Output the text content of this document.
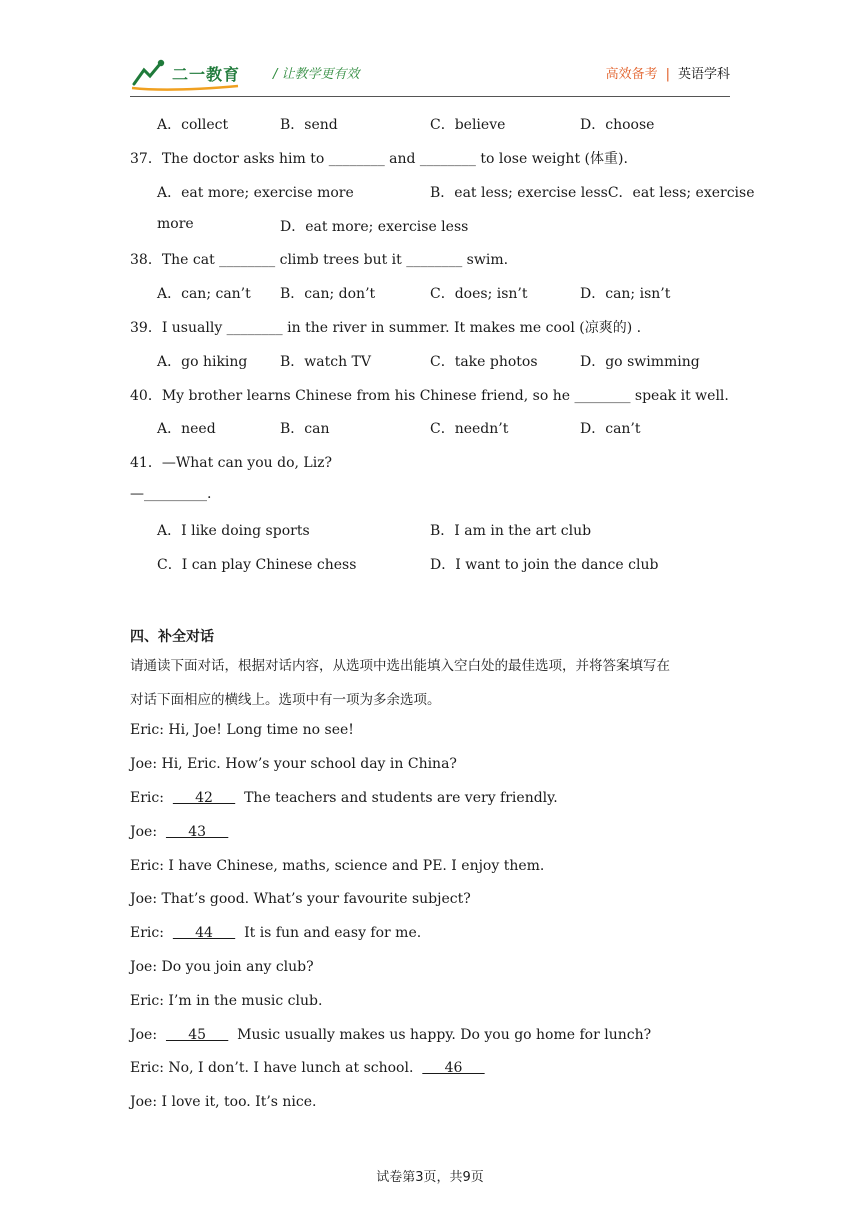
二一教育	/ 让教学更有效	高效备考 | 英语学科
A．collect	B．send	C．believe	D．choose
37．The doctor asks him to ________ and ________ to lose weight (体重).
A．eat more; exercise more	B．eat less; exercise lessC．eat less; exercise
more	D．eat more; exercise less
38．The cat ________ climb trees but it ________ swim.
A．can; can’t B．can; don’t	C．does; isn’t	D．can; isn’t
39．I usually ________ in the river in summer. It makes me cool (凉爽的) .
A．go hiking B．watch TV	C．take photos	D．go swimming
40．My brother learns Chinese from his Chinese friend, so he ________ speak it well.
A．need	B．can	C．needn’t	D．can’t
41．—What can you do, Liz?
—_________.
A．I like doing sports	B．I am in the art club
C．I can play Chinese chess	D．I want to join the dance club
四、补全对话
请通读下面对话，根据对话内容，从选项中选出能填入空白处的最佳选项，并将答案填写在
对话下面相应的横线上。选项中有一项为多余选项。
Eric: Hi, Joe! Long time no see!
Joe: Hi, Eric. How’s your school day in China?
Eric:       42       The teachers and students are very friendly.
Joe:       43
Eric: I have Chinese, maths, science and PE. I enjoy them.
Joe: That’s good. What’s your favourite subject?
Eric:       44       It is fun and easy for me.
Joe: Do you join any club?
Eric: I’m in the music club.
Joe:       45       Music usually makes us happy. Do you go home for lunch?
Eric: No, I don’t. I have lunch at school.       46
Joe: I love it, too. It’s nice.
试卷第3页，共9页
